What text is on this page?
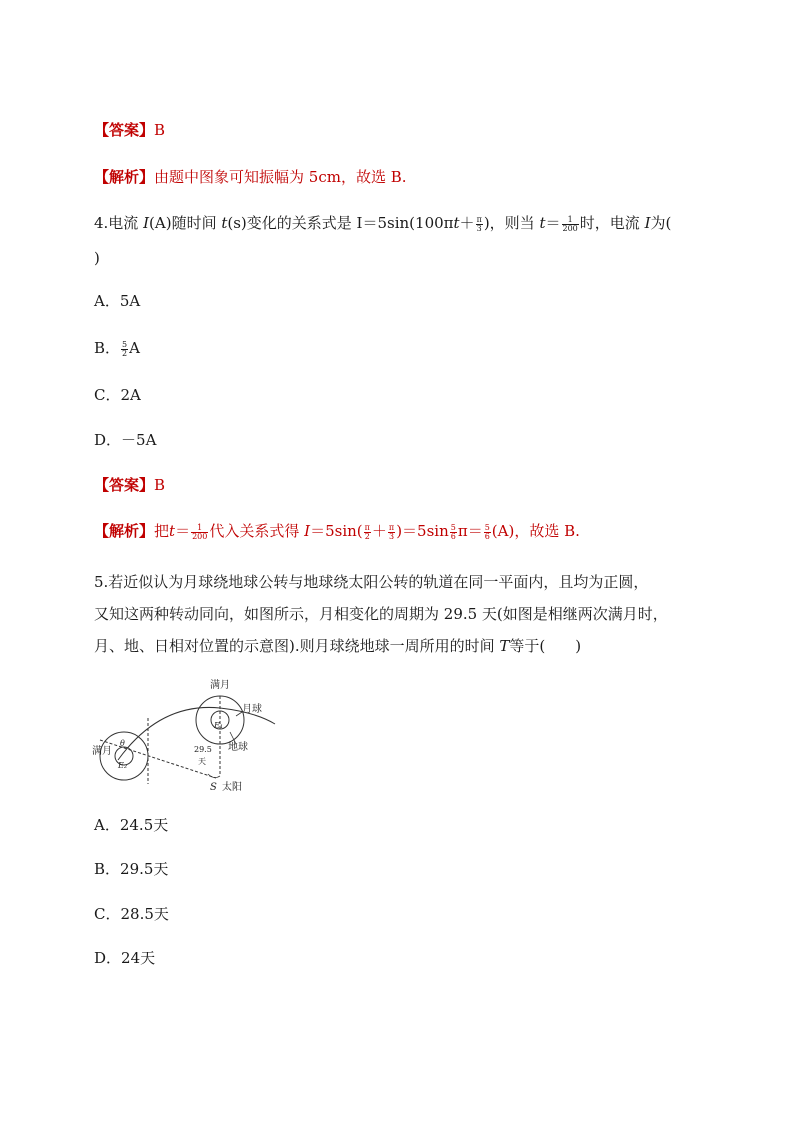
【答案】B
【解析】由题中图象可知振幅为 5cm，故选 B.
4.电流 I(A)随时间 t(s)变化的关系式是 $I=5\sin(100\pi t+ \frac{\pi}{3}$ )，则当 $t= \frac{1}{200}$ 时，电流 I为(
)
A．5A
B． $\frac{5}{2}$ A
C．2A
D．－5A
【答案】B
【解析】把$t= \frac{1}{200}$ 代入关系式得 $I=5\sin( \frac{\pi}{2} + \frac{\pi}{3} )=5\sin \frac{5}{6} \pi= \frac{5}{6} (A)$，故选 B.
5.若近似认为月球绕地球公转与地球绕太阳公转的轨道在同一平面内，且均为正圆，
又知这两种转动同向，如图所示，月相变化的周期为 29.5 天(如图是相继两次满月时，
月、地、日相对位置的示意图).则月球绕地球一周所用的时间 T等于(　　)
满月
月球
地球
满月	29.5
天
S 太阳
E₁
E₂
θ
A．24.5天
B．29.5天
C．28.5天
D．24天
